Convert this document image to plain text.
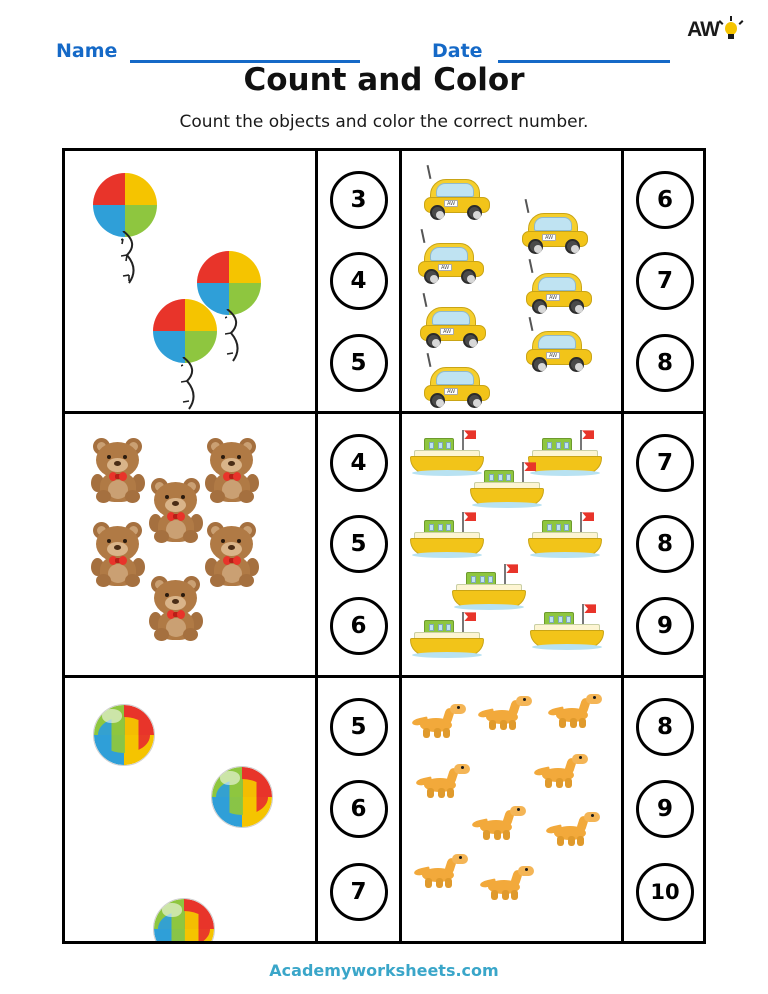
Name	Date
AW
Count and Color
Count the objects and color the correct number.
3
4
5
AW
AW
AW
AW
AW
AW
AW
6
7
8
4
5
6
7
8
9
5
6
7
8
9
10
Academyworksheets.com
